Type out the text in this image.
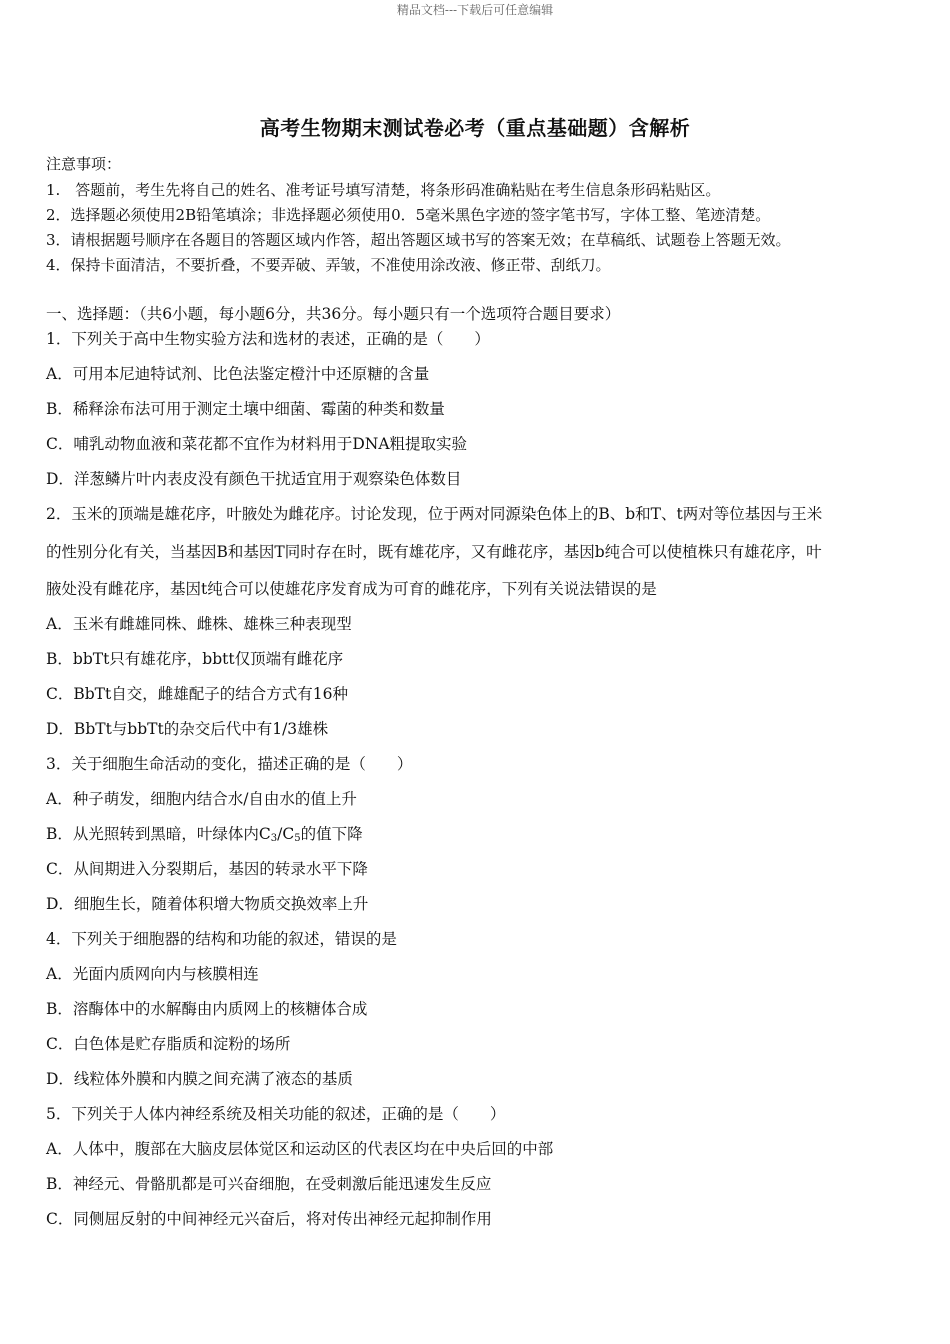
精品文档---下载后可任意编辑
高考生物期末测试卷必考（重点基础题）含解析
注意事项：
1.　答题前，考生先将自己的姓名、准考证号填写清楚，将条形码准确粘贴在考生信息条形码粘贴区。
2．选择题必须使用2B铅笔填涂；非选择题必须使用0．5毫米黑色字迹的签字笔书写，字体工整、笔迹清楚。
3．请根据题号顺序在各题目的答题区域内作答，超出答题区域书写的答案无效；在草稿纸、试题卷上答题无效。
4．保持卡面清洁，不要折叠，不要弄破、弄皱，不准使用涂改液、修正带、刮纸刀。
一、选择题：（共6小题，每小题6分，共36分。每小题只有一个选项符合题目要求）
1．下列关于高中生物实验方法和选材的表述，正确的是（　　）
A．可用本尼迪特试剂、比色法鉴定橙汁中还原糖的含量
B．稀释涂布法可用于测定土壤中细菌、霉菌的种类和数量
C．哺乳动物血液和菜花都不宜作为材料用于DNA粗提取实验
D．洋葱鳞片叶内表皮没有颜色干扰适宜用于观察染色体数目
2．玉米的顶端是雄花序，叶腋处为雌花序。讨论发现，位于两对同源染色体上的B、b和T、t两对等位基因与王米
的性别分化有关，当基因B和基因T同时存在时，既有雄花序，又有雌花序，基因b纯合可以使植株只有雄花序，叶
腋处没有雌花序，基因t纯合可以使雄花序发育成为可育的雌花序，下列有关说法错误的是
A．玉米有雌雄同株、雌株、雄株三种表现型
B．bbTt只有雄花序，bbtt仅顶端有雌花序
C．BbTt自交，雌雄配子的结合方式有16种
D．BbTt与bbTt的杂交后代中有1/3雄株
3．关于细胞生命活动的变化，描述正确的是（　　）
A．种子萌发，细胞内结合水/自由水的值上升
B．从光照转到黑暗，叶绿体内$C_3/C_5$的值下降
C．从间期进入分裂期后，基因的转录水平下降
D．细胞生长，随着体积增大物质交换效率上升
4．下列关于细胞器的结构和功能的叙述，错误的是
A．光面内质网向内与核膜相连
B．溶酶体中的水解酶由内质网上的核糖体合成
C．白色体是贮存脂质和淀粉的场所
D．线粒体外膜和内膜之间充满了液态的基质
5．下列关于人体内神经系统及相关功能的叙述，正确的是（　　）
A．人体中，腹部在大脑皮层体觉区和运动区的代表区均在中央后回的中部
B．神经元、骨骼肌都是可兴奋细胞，在受刺激后能迅速发生反应
C．同侧屈反射的中间神经元兴奋后，将对传出神经元起抑制作用
